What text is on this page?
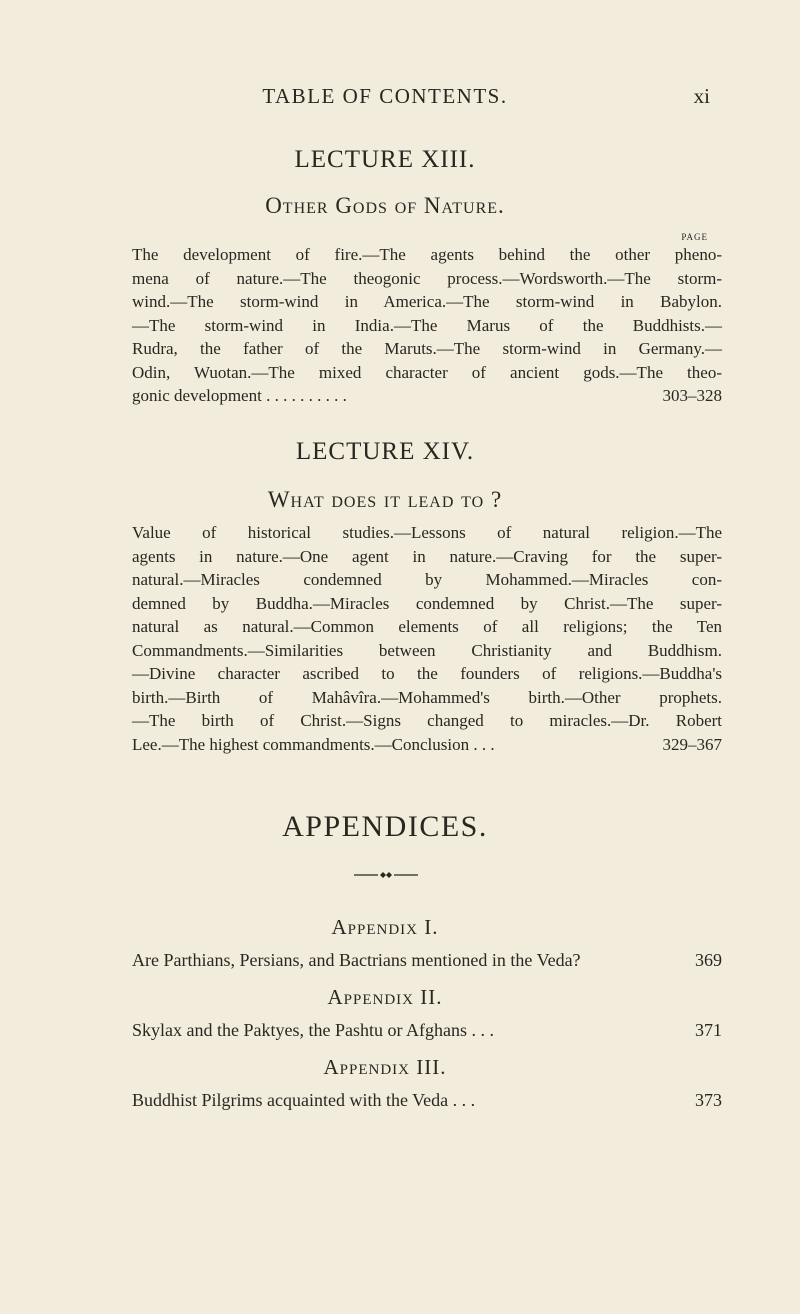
TABLE OF CONTENTS.	xi
LECTURE XIII.
Other Gods of Nature.
PAGE
The development of fire.—The agents behind the other pheno-
mena of nature.—The theogonic process.—Wordsworth.—The storm-
wind.—The storm-wind in America.—The storm-wind in Babylon.
—The storm-wind in India.—The Marus of the Buddhists.—
Rudra, the father of the Maruts.—The storm-wind in Germany.—
Odin, Wuotan.—The mixed character of ancient gods.—The theo-
gonic development . . . . . . . . . .	303–328
LECTURE XIV.
What does it lead to ?
Value of historical studies.—Lessons of natural religion.—The
agents in nature.—One agent in nature.—Craving for the super-
natural.—Miracles condemned by Mohammed.—Miracles con-
demned by Buddha.—Miracles condemned by Christ.—The super-
natural as natural.—Common elements of all religions; the Ten
Commandments.—Similarities between Christianity and Buddhism.
—Divine character ascribed to the founders of religions.—Buddha's
birth.—Birth of Mahâvîra.—Mohammed's birth.—Other prophets.
—The birth of Christ.—Signs changed to miracles.—Dr. Robert
Lee.—The highest commandments.—Conclusion . . .	329–367
APPENDICES.
Appendix I.
Are Parthians, Persians, and Bactrians mentioned in the Veda?	369
Appendix II.
Skylax and the Paktyes, the Pashtu or Afghans . . .	371
Appendix III.
Buddhist Pilgrims acquainted with the Veda . . .	373
